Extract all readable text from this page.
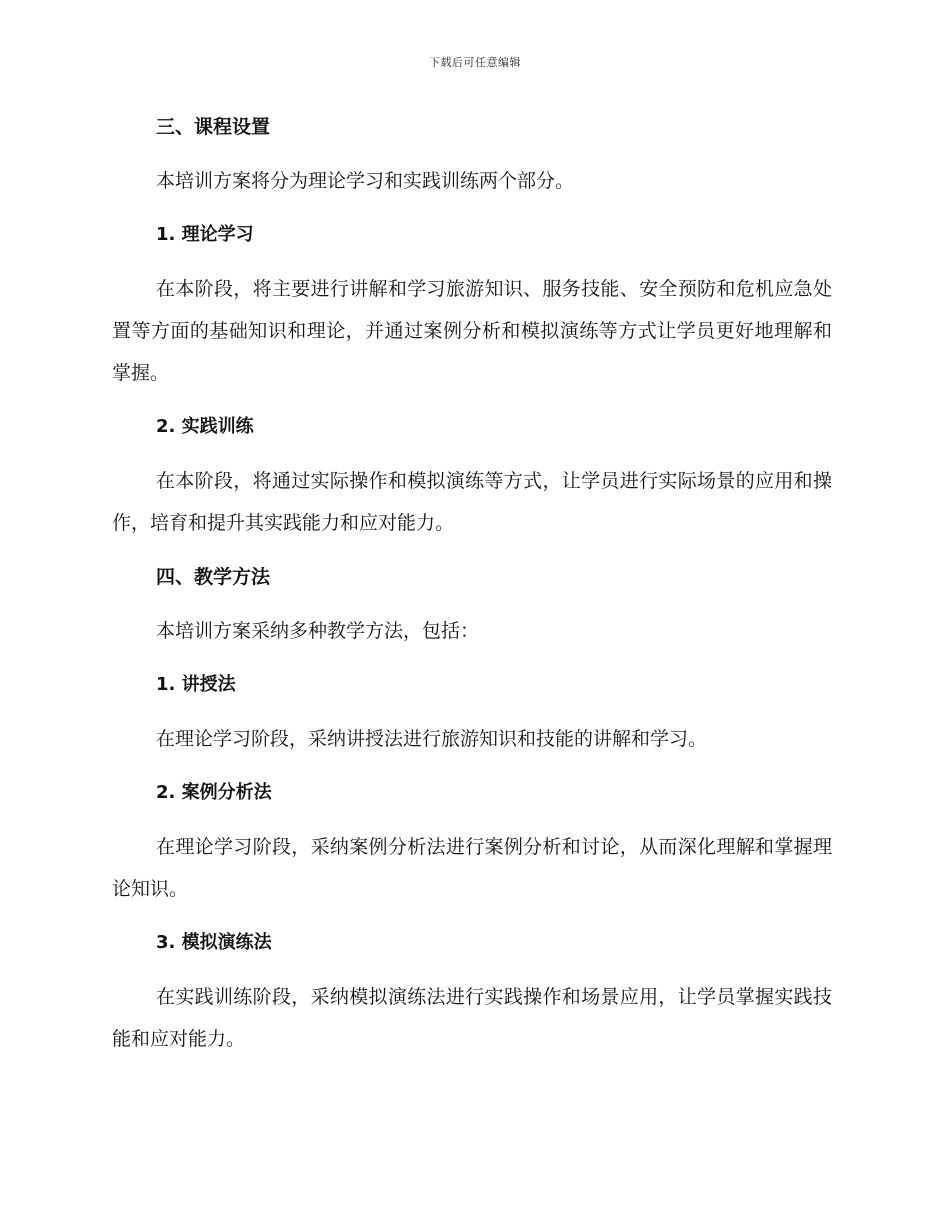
下载后可任意编辑
三、课程设置

本培训方案将分为理论学习和实践训练两个部分。

1. 理论学习

在本阶段，将主要进行讲解和学习旅游知识、服务技能、安全预防和危机应急处置等方面的基础知识和理论，并通过案例分析和模拟演练等方式让学员更好地理解和掌握。

2. 实践训练

在本阶段，将通过实际操作和模拟演练等方式，让学员进行实际场景的应用和操作，培育和提升其实践能力和应对能力。

四、教学方法

本培训方案采纳多种教学方法，包括：

1. 讲授法

在理论学习阶段，采纳讲授法进行旅游知识和技能的讲解和学习。

2. 案例分析法

在理论学习阶段，采纳案例分析法进行案例分析和讨论，从而深化理解和掌握理论知识。

3. 模拟演练法

在实践训练阶段，采纳模拟演练法进行实践操作和场景应用，让学员掌握实践技能和应对能力。
